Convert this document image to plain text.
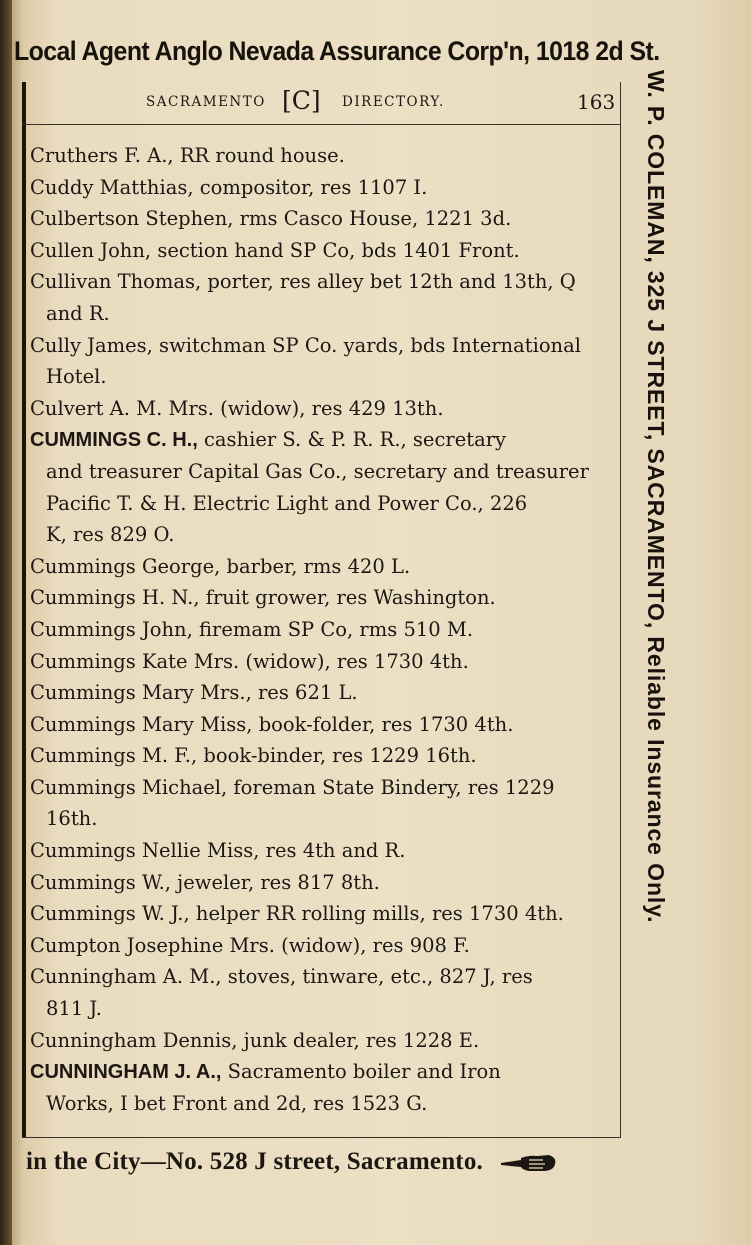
Local Agent Anglo Nevada Assurance Corp'n, 1018 2d St.
SACRAMENTO [C] DIRECTORY.	163
Cruthers F. A., RR round house.
Cuddy Matthias, compositor, res 1107 I.
Culbertson Stephen, rms Casco House, 1221 3d.
Cullen John, section hand SP Co, bds 1401 Front.
Cullivan Thomas, porter, res alley bet 12th and 13th, Q
and R.
Cully James, switchman SP Co. yards, bds International
Hotel.
Culvert A. M. Mrs. (widow), res 429 13th.
CUMMINGS C. H., cashier S. & P. R. R., secretary
and treasurer Capital Gas Co., secretary and treasurer
Pacific T. & H. Electric Light and Power Co., 226
K, res 829 O.
Cummings George, barber, rms 420 L.
Cummings H. N., fruit grower, res Washington.
Cummings John, firemam SP Co, rms 510 M.
Cummings Kate Mrs. (widow), res 1730 4th.
Cummings Mary Mrs., res 621 L.
Cummings Mary Miss, book-folder, res 1730 4th.
Cummings M. F., book-binder, res 1229 16th.
Cummings Michael, foreman State Bindery, res 1229
16th.
Cummings Nellie Miss, res 4th and R.
Cummings W., jeweler, res 817 8th.
Cummings W. J., helper RR rolling mills, res 1730 4th.
Cumpton Josephine Mrs. (widow), res 908 F.
Cunningham A. M., stoves, tinware, etc., 827 J, res
811 J.
Cunningham Dennis, junk dealer, res 1228 E.
CUNNINGHAM J. A., Sacramento boiler and Iron
Works, I bet Front and 2d, res 1523 G.
W. P. COLEMAN, 325 J STREET, SACRAMENTO, Reliable Insurance Only.
in the City—No. 528 J street, Sacramento.
